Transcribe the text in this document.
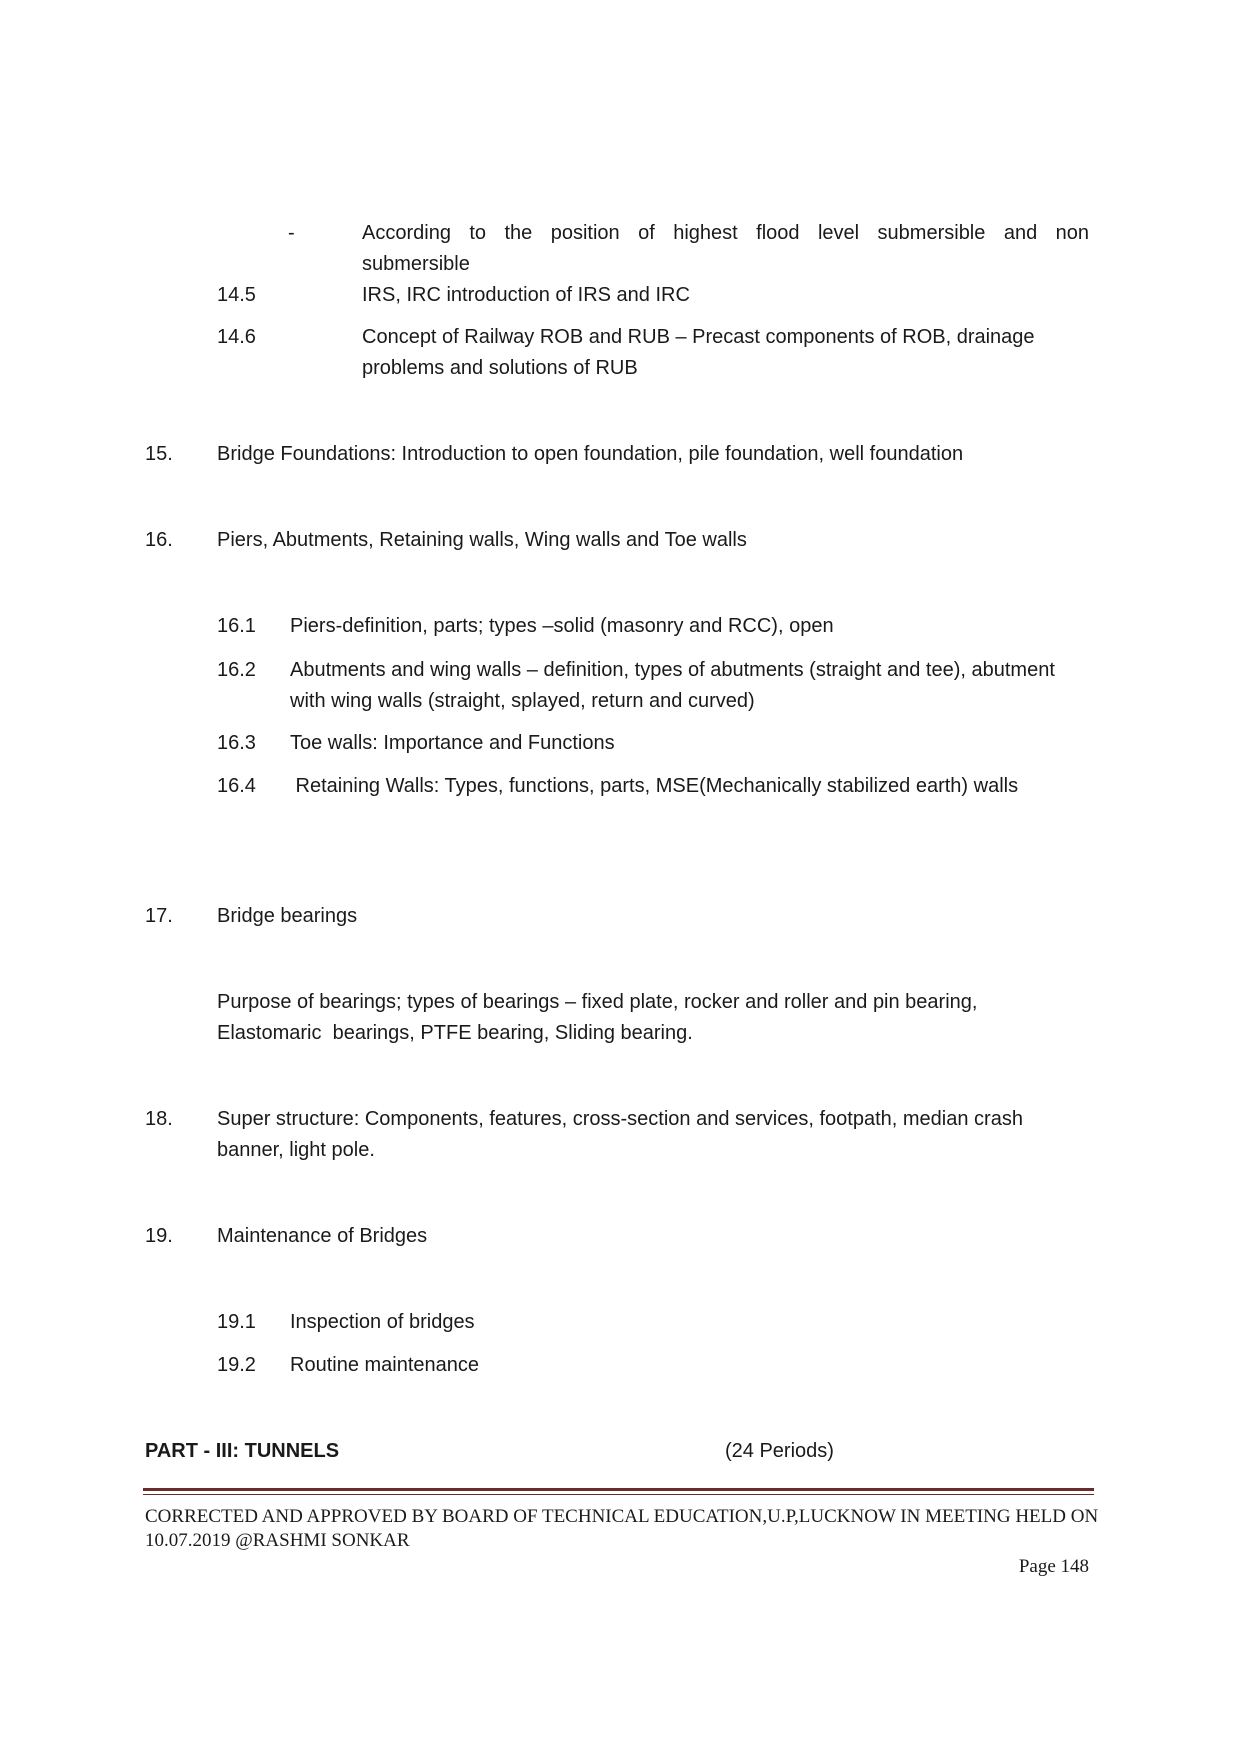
-	According to the position of highest flood level submersible and non
submersible
14.5	IRS, IRC introduction of IRS and IRC
14.6	Concept of Railway ROB and RUB – Precast components of ROB, drainage
problems and solutions of RUB
15. Bridge Foundations: Introduction to open foundation, pile foundation, well foundation
16. Piers, Abutments, Retaining walls, Wing walls and Toe walls
16.1 Piers-definition, parts; types –solid (masonry and RCC), open
16.2 Abutments and wing walls – definition, types of abutments (straight and tee), abutment
with wing walls (straight, splayed, return and curved)
16.3 Toe walls: Importance and Functions
16.4 Retaining Walls: Types, functions, parts, MSE(Mechanically stabilized earth) walls
17. Bridge bearings
Purpose of bearings; types of bearings – fixed plate, rocker and roller and pin bearing,
Elastomaric  bearings, PTFE bearing, Sliding bearing.
18. Super structure: Components, features, cross-section and services, footpath, median crash
banner, light pole.
19. Maintenance of Bridges
19.1 Inspection of bridges
19.2 Routine maintenance
PART - III: TUNNELS	(24 Periods)
CORRECTED AND APPROVED BY BOARD OF TECHNICAL EDUCATION,U.P,LUCKNOW IN MEETING HELD ON
10.07.2019 @RASHMI SONKAR
Page 148
